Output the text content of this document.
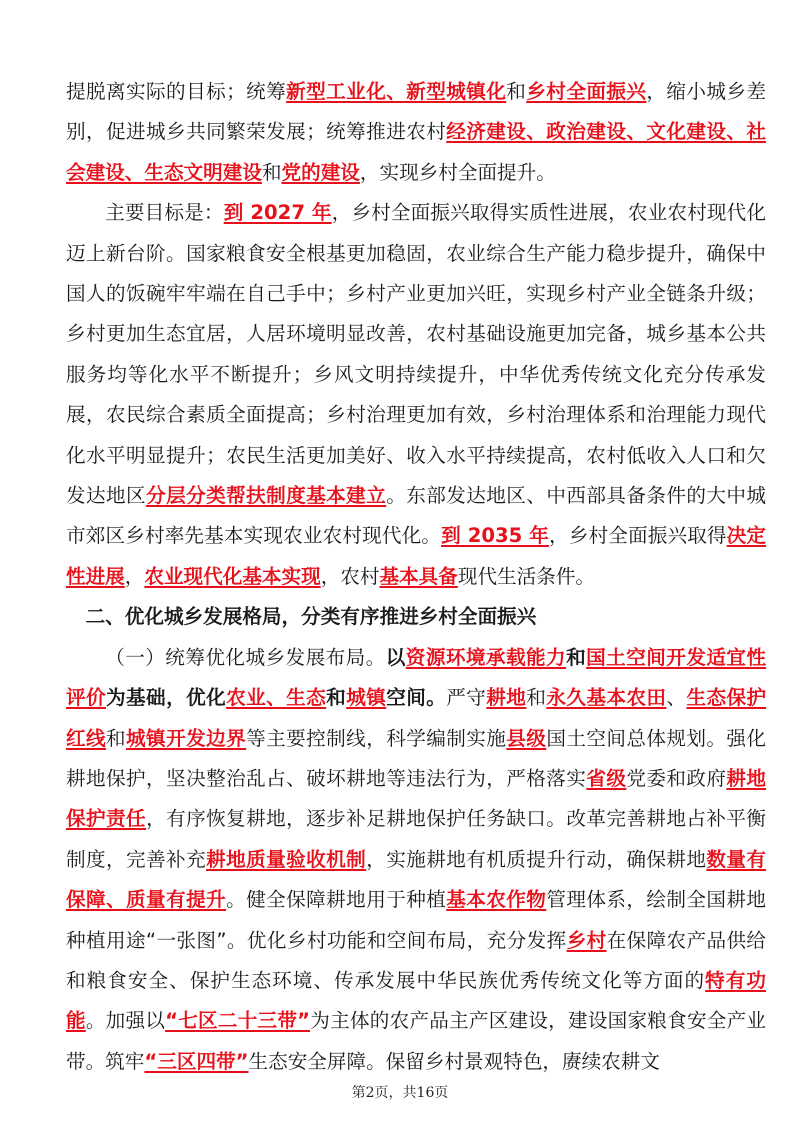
提脱离实际的目标；统筹新型工业化、新型城镇化和乡村全面振兴，缩小城乡差别，促进城乡共同繁荣发展；统筹推进农村经济建设、政治建设、文化建设、社会建设、生态文明建设和党的建设，实现乡村全面提升。

主要目标是：到 2027 年，乡村全面振兴取得实质性进展，农业农村现代化迈上新台阶。国家粮食安全根基更加稳固，农业综合生产能力稳步提升，确保中国人的饭碗牢牢端在自己手中；乡村产业更加兴旺，实现乡村产业全链条升级；乡村更加生态宜居，人居环境明显改善，农村基础设施更加完备，城乡基本公共服务均等化水平不断提升；乡风文明持续提升，中华优秀传统文化充分传承发展，农民综合素质全面提高；乡村治理更加有效，乡村治理体系和治理能力现代化水平明显提升；农民生活更加美好、收入水平持续提高，农村低收入人口和欠发达地区分层分类帮扶制度基本建立。东部发达地区、中西部具备条件的大中城市郊区乡村率先基本实现农业农村现代化。到 2035 年，乡村全面振兴取得决定性进展，农业现代化基本实现，农村基本具备现代生活条件。

二、优化城乡发展格局，分类有序推进乡村全面振兴

（一）统筹优化城乡发展布局。以资源环境承载能力和国土空间开发适宜性评价为基础，优化农业、生态和城镇空间。严守耕地和永久基本农田、生态保护红线和城镇开发边界等主要控制线，科学编制实施县级国土空间总体规划。强化耕地保护，坚决整治乱占、破坏耕地等违法行为，严格落实省级党委和政府耕地保护责任，有序恢复耕地，逐步补足耕地保护任务缺口。改革完善耕地占补平衡制度，完善补充耕地质量验收机制，实施耕地有机质提升行动，确保耕地数量有保障、质量有提升。健全保障耕地用于种植基本农作物管理体系，绘制全国耕地种植用途“一张图”。优化乡村功能和空间布局，充分发挥乡村在保障农产品供给和粮食安全、保护生态环境、传承发展中华民族优秀传统文化等方面的特有功能。加强以“七区二十三带”为主体的农产品主产区建设，建设国家粮食安全产业带。筑牢“三区四带”生态安全屏障。保留乡村景观特色，赓续农耕文

第2页，共16页
